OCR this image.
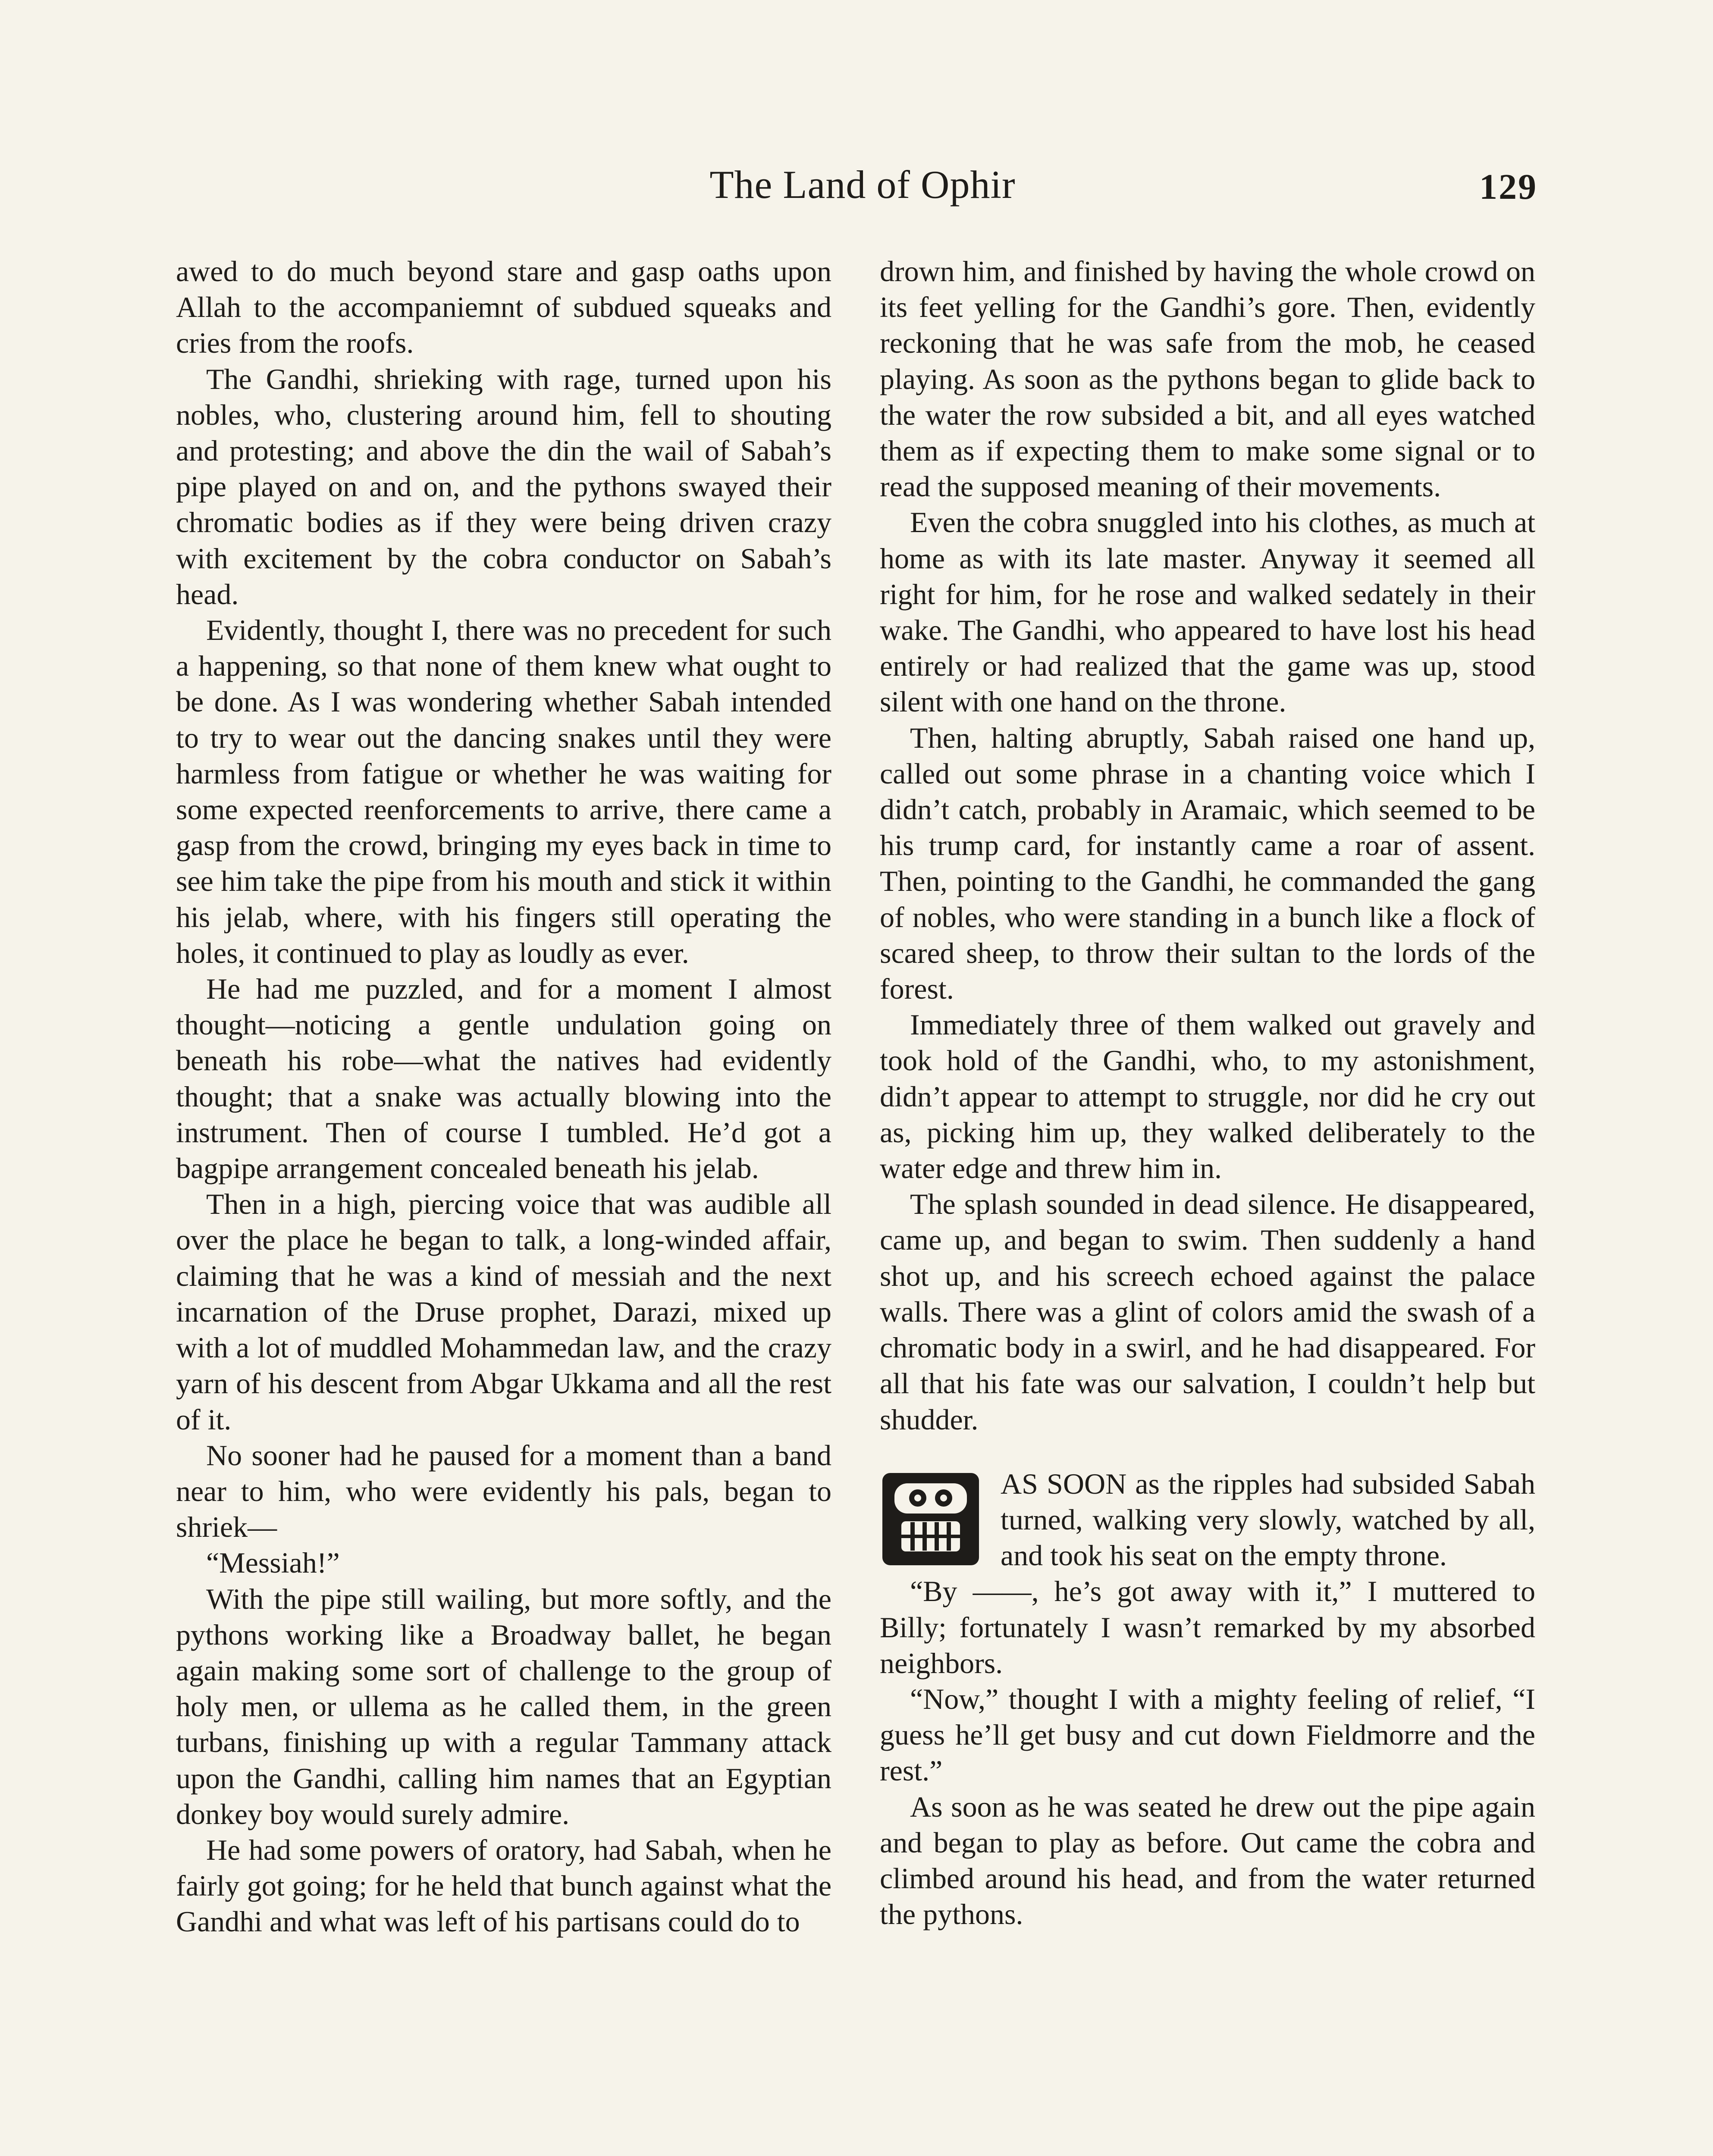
The Land of Ophir	129

awed to do much beyond stare and gasp oaths upon Allah to the accompaniemnt of subdued squeaks and cries from the roofs.

The Gandhi, shrieking with rage, turned upon his nobles, who, clustering around him, fell to shouting and protesting; and above the din the wail of Sabah’s pipe played on and on, and the pythons swayed their chromatic bodies as if they were being driven crazy with excitement by the cobra conductor on Sabah’s head.

Evidently, thought I, there was no precedent for such a happening, so that none of them knew what ought to be done. As I was wondering whether Sabah intended to try to wear out the dancing snakes until they were harmless from fatigue or whether he was waiting for some expected reenforcements to arrive, there came a gasp from the crowd, bringing my eyes back in time to see him take the pipe from his mouth and stick it within his jelab, where, with his fingers still operating the holes, it continued to play as loudly as ever.

He had me puzzled, and for a moment I almost thought—noticing a gentle undulation going on beneath his robe—what the natives had evidently thought; that a snake was actually blowing into the instrument. Then of course I tumbled. He’d got a bagpipe arrangement concealed beneath his jelab.

Then in a high, piercing voice that was audible all over the place he began to talk, a long-winded affair, claiming that he was a kind of messiah and the next incarnation of the Druse prophet, Darazi, mixed up with a lot of muddled Mohammedan law, and the crazy yarn of his descent from Abgar Ukkama and all the rest of it.

No sooner had he paused for a moment than a band near to him, who were evidently his pals, began to shriek—

“Messiah!”

With the pipe still wailing, but more softly, and the pythons working like a Broadway ballet, he began again making some sort of challenge to the group of holy men, or ullema as he called them, in the green turbans, finishing up with a regular Tammany attack upon the Gandhi, calling him names that an Egyptian donkey boy would surely admire.

He had some powers of oratory, had Sabah, when he fairly got going; for he held that bunch against what the Gandhi and what was left of his partisans could do to

drown him, and finished by having the whole crowd on its feet yelling for the Gandhi’s gore. Then, evidently reckoning that he was safe from the mob, he ceased playing. As soon as the pythons began to glide back to the water the row subsided a bit, and all eyes watched them as if expecting them to make some signal or to read the supposed meaning of their movements.

Even the cobra snuggled into his clothes, as much at home as with its late master. Anyway it seemed all right for him, for he rose and walked sedately in their wake. The Gandhi, who appeared to have lost his head entirely or had realized that the game was up, stood silent with one hand on the throne.

Then, halting abruptly, Sabah raised one hand up, called out some phrase in a chanting voice which I didn’t catch, probably in Aramaic, which seemed to be his trump card, for instantly came a roar of assent. Then, pointing to the Gandhi, he commanded the gang of nobles, who were standing in a bunch like a flock of scared sheep, to throw their sultan to the lords of the forest.

Immediately three of them walked out gravely and took hold of the Gandhi, who, to my astonishment, didn’t appear to attempt to struggle, nor did he cry out as, picking him up, they walked deliberately to the water edge and threw him in.

The splash sounded in dead silence. He disappeared, came up, and began to swim. Then suddenly a hand shot up, and his screech echoed against the palace walls. There was a glint of colors amid the swash of a chromatic body in a swirl, and he had disappeared. For all that his fate was our salvation, I couldn’t help but shudder.

AS SOON as the ripples had subsided Sabah turned, walking very slowly, watched by all, and took his seat on the empty throne.

“By ——, he’s got away with it,” I muttered to Billy; fortunately I wasn’t remarked by my absorbed neighbors.

“Now,” thought I with a mighty feeling of relief, “I guess he’ll get busy and cut down Fieldmorre and the rest.”

As soon as he was seated he drew out the pipe again and began to play as before. Out came the cobra and climbed around his head, and from the water returned the pythons.
